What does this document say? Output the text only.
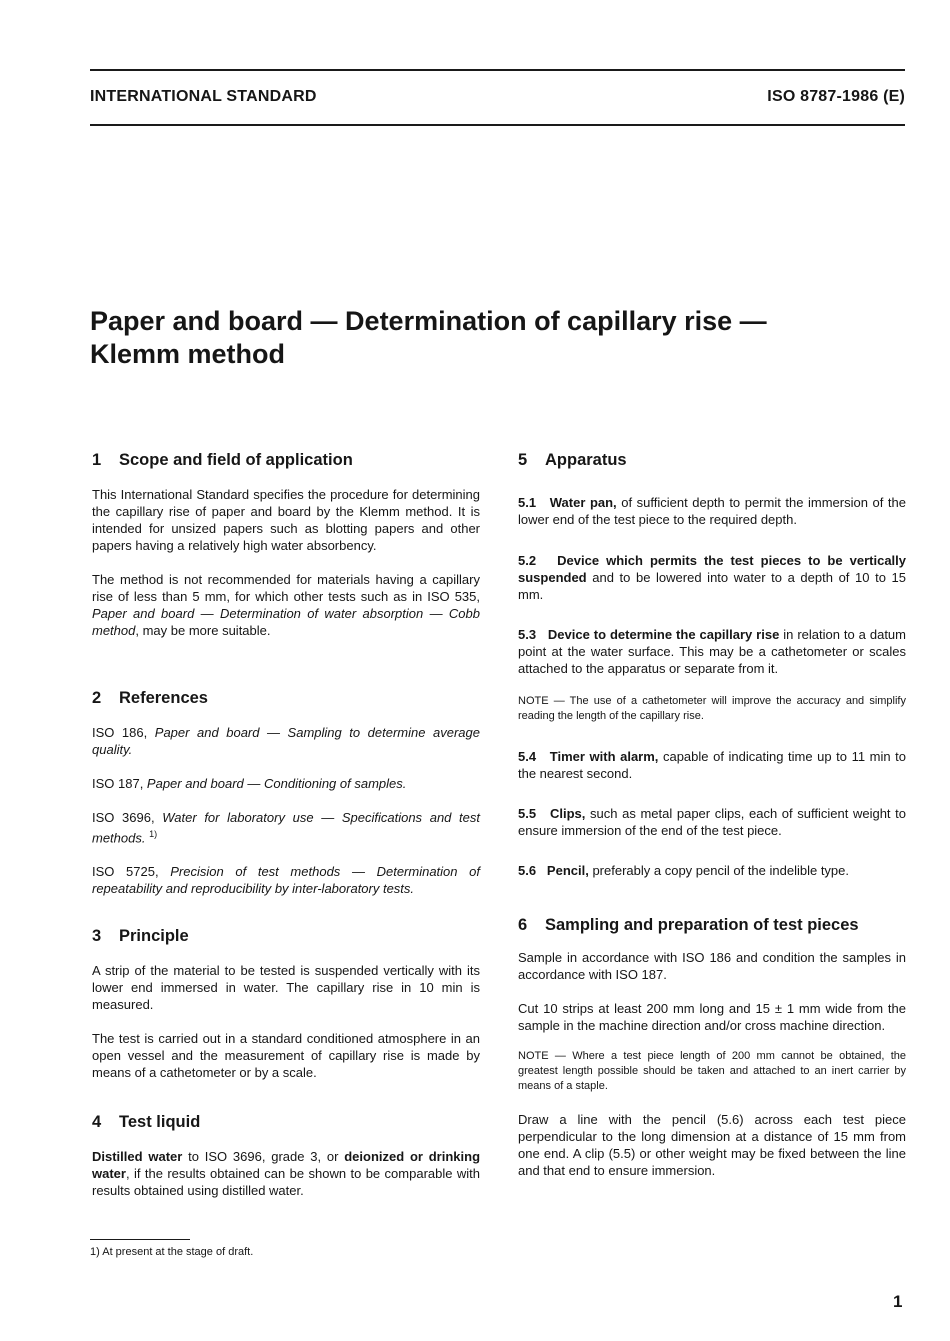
INTERNATIONAL STANDARD	ISO 8787-1986 (E)
Paper and board — Determination of capillary rise —
Klemm method
1 Scope and field of application

This International Standard specifies the procedure for determining the capillary rise of paper and board by the Klemm method. It is intended for unsized papers such as blotting papers and other papers having a relatively high water absorbency.

The method is not recommended for materials having a capillary rise of less than 5 mm, for which other tests such as in ISO 535, Paper and board — Determination of water absorption — Cobb method, may be more suitable.

2 References

ISO 186, Paper and board — Sampling to determine average quality.

ISO 187, Paper and board — Conditioning of samples.

ISO 3696, Water for laboratory use — Specifications and test methods. $^{1)}$

ISO 5725, Precision of test methods — Determination of repeatability and reproducibility by inter-laboratory tests.

3 Principle

A strip of the material to be tested is suspended vertically with its lower end immersed in water. The capillary rise in 10 min is measured.

The test is carried out in a standard conditioned atmosphere in an open vessel and the measurement of capillary rise is made by means of a cathetometer or by a scale.

4 Test liquid

Distilled water to ISO 3696, grade 3, or deionized or drinking water, if the results obtained can be shown to be comparable with results obtained using distilled water.

5 Apparatus

5.1 Water pan, of sufficient depth to permit the immersion of the lower end of the test piece to the required depth.

5.2 Device which permits the test pieces to be vertically suspended and to be lowered into water to a depth of 10 to 15 mm.

5.3 Device to determine the capillary rise in relation to a datum point at the water surface. This may be a cathetometer or scales attached to the apparatus or separate from it.

NOTE — The use of a cathetometer will improve the accuracy and simplify reading the length of the capillary rise.

5.4 Timer with alarm, capable of indicating time up to 11 min to the nearest second.

5.5 Clips, such as metal paper clips, each of sufficient weight to ensure immersion of the end of the test piece.

5.6 Pencil, preferably a copy pencil of the indelible type.

6 Sampling and preparation of test pieces

Sample in accordance with ISO 186 and condition the samples in accordance with ISO 187.

Cut 10 strips at least 200 mm long and 15 ± 1 mm wide from the sample in the machine direction and/or cross machine direction.

NOTE — Where a test piece length of 200 mm cannot be obtained, the greatest length possible should be taken and attached to an inert carrier by means of a staple.

Draw a line with the pencil (5.6) across each test piece perpendicular to the long dimension at a distance of 15 mm from one end. A clip (5.5) or other weight may be fixed between the line and that end to ensure immersion.

1) At present at the stage of draft.
1
